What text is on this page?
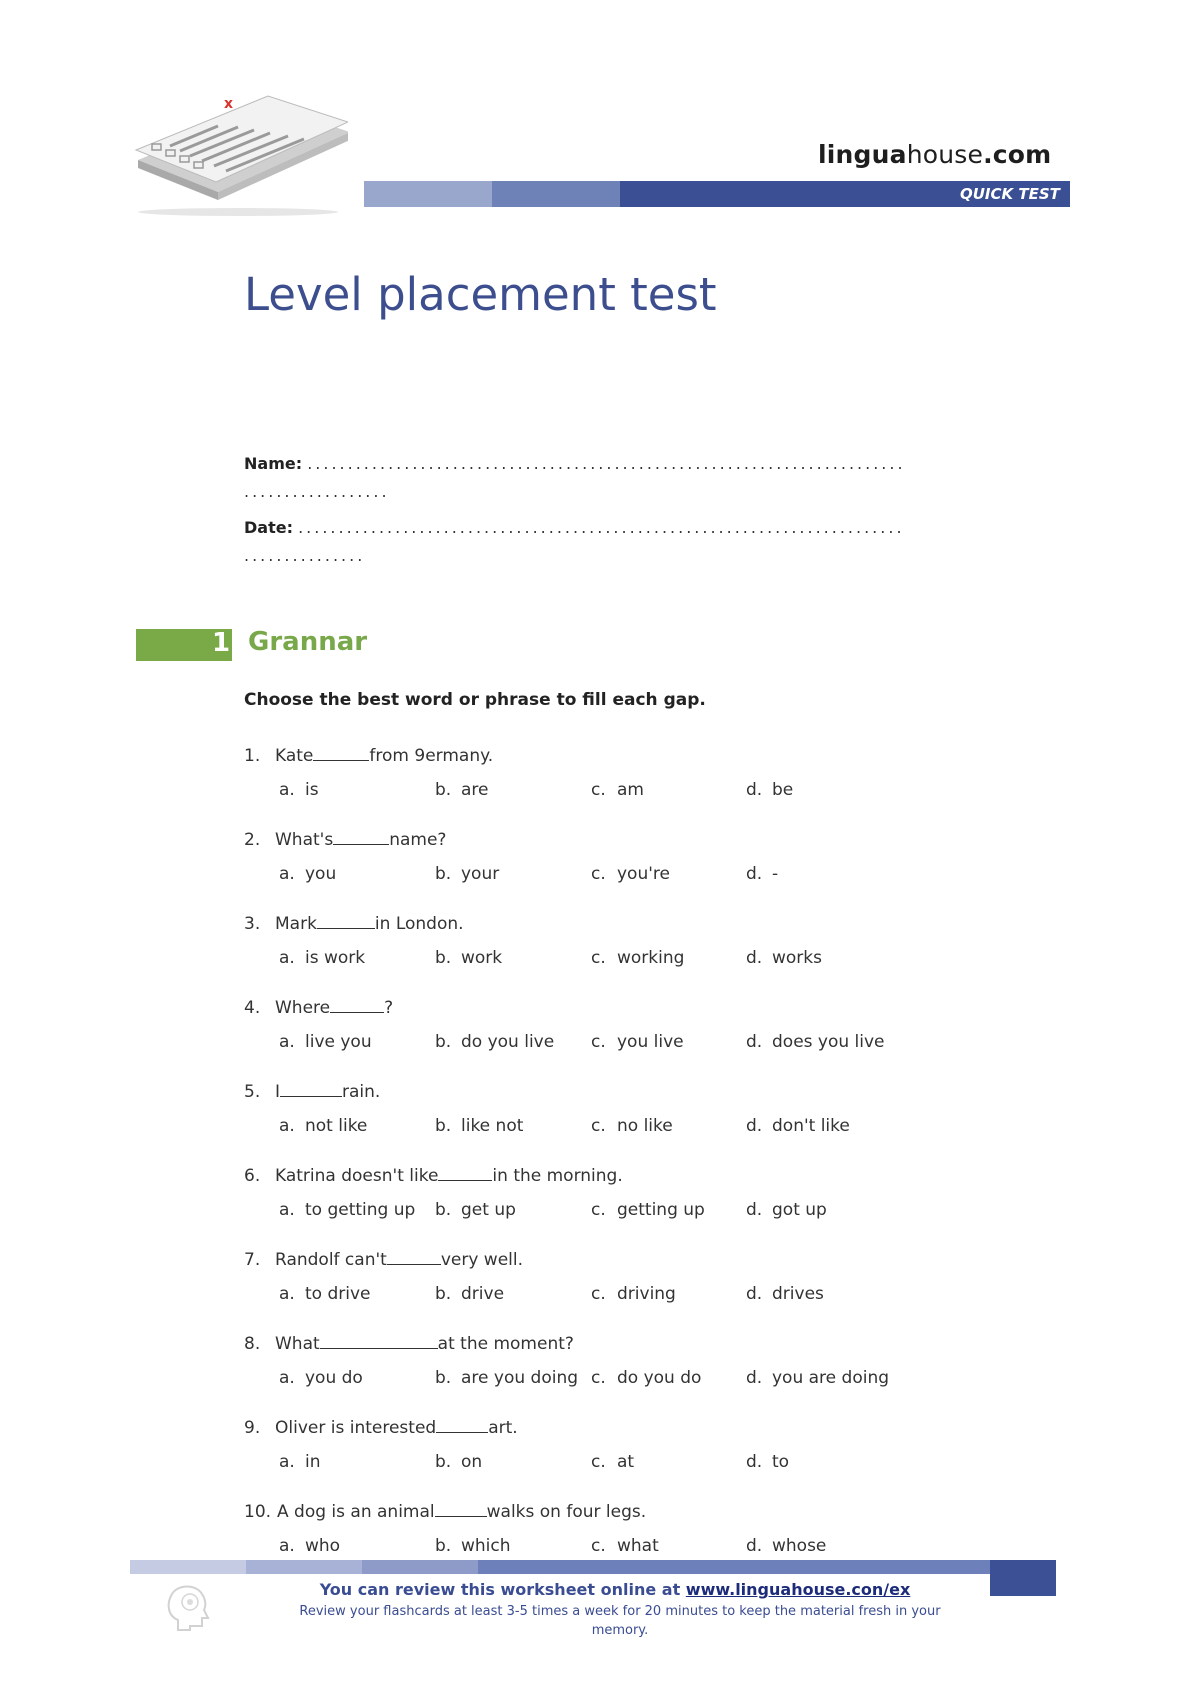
x
linguahouse.com
QUICK TEST
Level placement test
Name: ..........................................................................
..................
Date: ...........................................................................
...............
1 Grannar
Choose the best word or phrase to fill each gap.
1. Kate	from 9ermany.
a. is	b. are	c. am	d. be
2. What's	name?
a. you	b. your	c. you're	d. -
3. Mark	in London.
a. is work	b. work	c. working	d. works
4. Where	?
a. live you	b. do you live c. you live	d. does you live
5. I	rain.
a. not like	b. like not	c. no like	d. don't like
6. Katrina doesn't like	in the morning.
a. to getting up b. get up	c. getting up d. got up
7. Randolf can't	very well.
a. to drive	b. drive	c. driving	d. drives
8. What	at the moment?
a. you do	b. are you doing c. do you do	d. you are doing
9. Oliver is interested	art.
a. in	b. on	c. at	d. to
10. A dog is an animal	walks on four legs.
a. who	b. which	c. what	d. whose
You can review this worksheet online at www.linguahouse.con/ex
Review your flashcards at least 3-5 times a week for 20 minutes to keep the material fresh in your memory.
